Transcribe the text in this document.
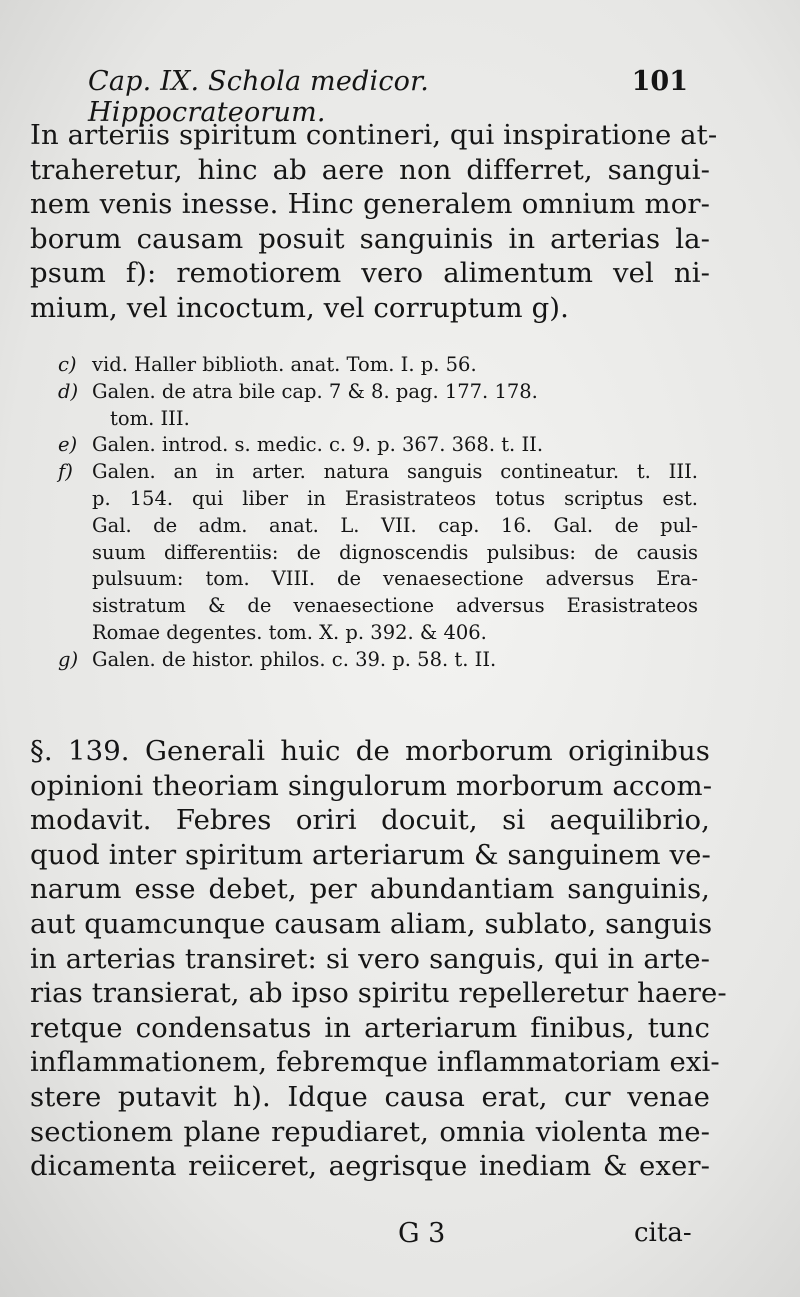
Cap. IX. Schola medicor. Hippocrateorum.
101
In arteriis spiritum contineri, qui inspiratione at-
traheretur, hinc ab aere non differret, sangui-
nem venis inesse. Hinc generalem omnium mor-
borum causam posuit sanguinis in arterias la-
psum f): remotiorem vero alimentum vel ni-
mium, vel incoctum, vel corruptum g).
c) vid. Haller biblioth. anat. Tom. I. p. 56.
d) Galen. de atra bile cap. 7 & 8. pag. 177. 178.
tom. III.
e) Galen. introd. s. medic. c. 9. p. 367. 368. t. II.
f) Galen. an in arter. natura sanguis contineatur. t. III.
p. 154. qui liber in Erasistrateos totus scriptus est.
Gal. de adm. anat. L. VII. cap. 16. Gal. de pul-
suum differentiis: de dignoscendis pulsibus: de causis
pulsuum: tom. VIII. de venaesectione adversus Era-
sistratum & de venaesectione adversus Erasistrateos
Romae degentes. tom. X. p. 392. & 406.
g) Galen. de histor. philos. c. 39. p. 58. t. II.
§. 139. Generali huic de morborum originibus
opinioni theoriam singulorum morborum accom-
modavit. Febres oriri docuit, si aequilibrio,
quod inter spiritum arteriarum & sanguinem ve-
narum esse debet, per abundantiam sanguinis,
aut quamcunque causam aliam, sublato, sanguis
in arterias transiret: si vero sanguis, qui in arte-
rias transierat, ab ipso spiritu repelleretur haere-
retque condensatus in arteriarum finibus, tunc
inflammationem, febremque inflammatoriam exi-
stere putavit h). Idque causa erat, cur venae
sectionem plane repudiaret, omnia violenta me-
dicamenta reiiceret, aegrisque inediam & exer-
G 3	cita-
